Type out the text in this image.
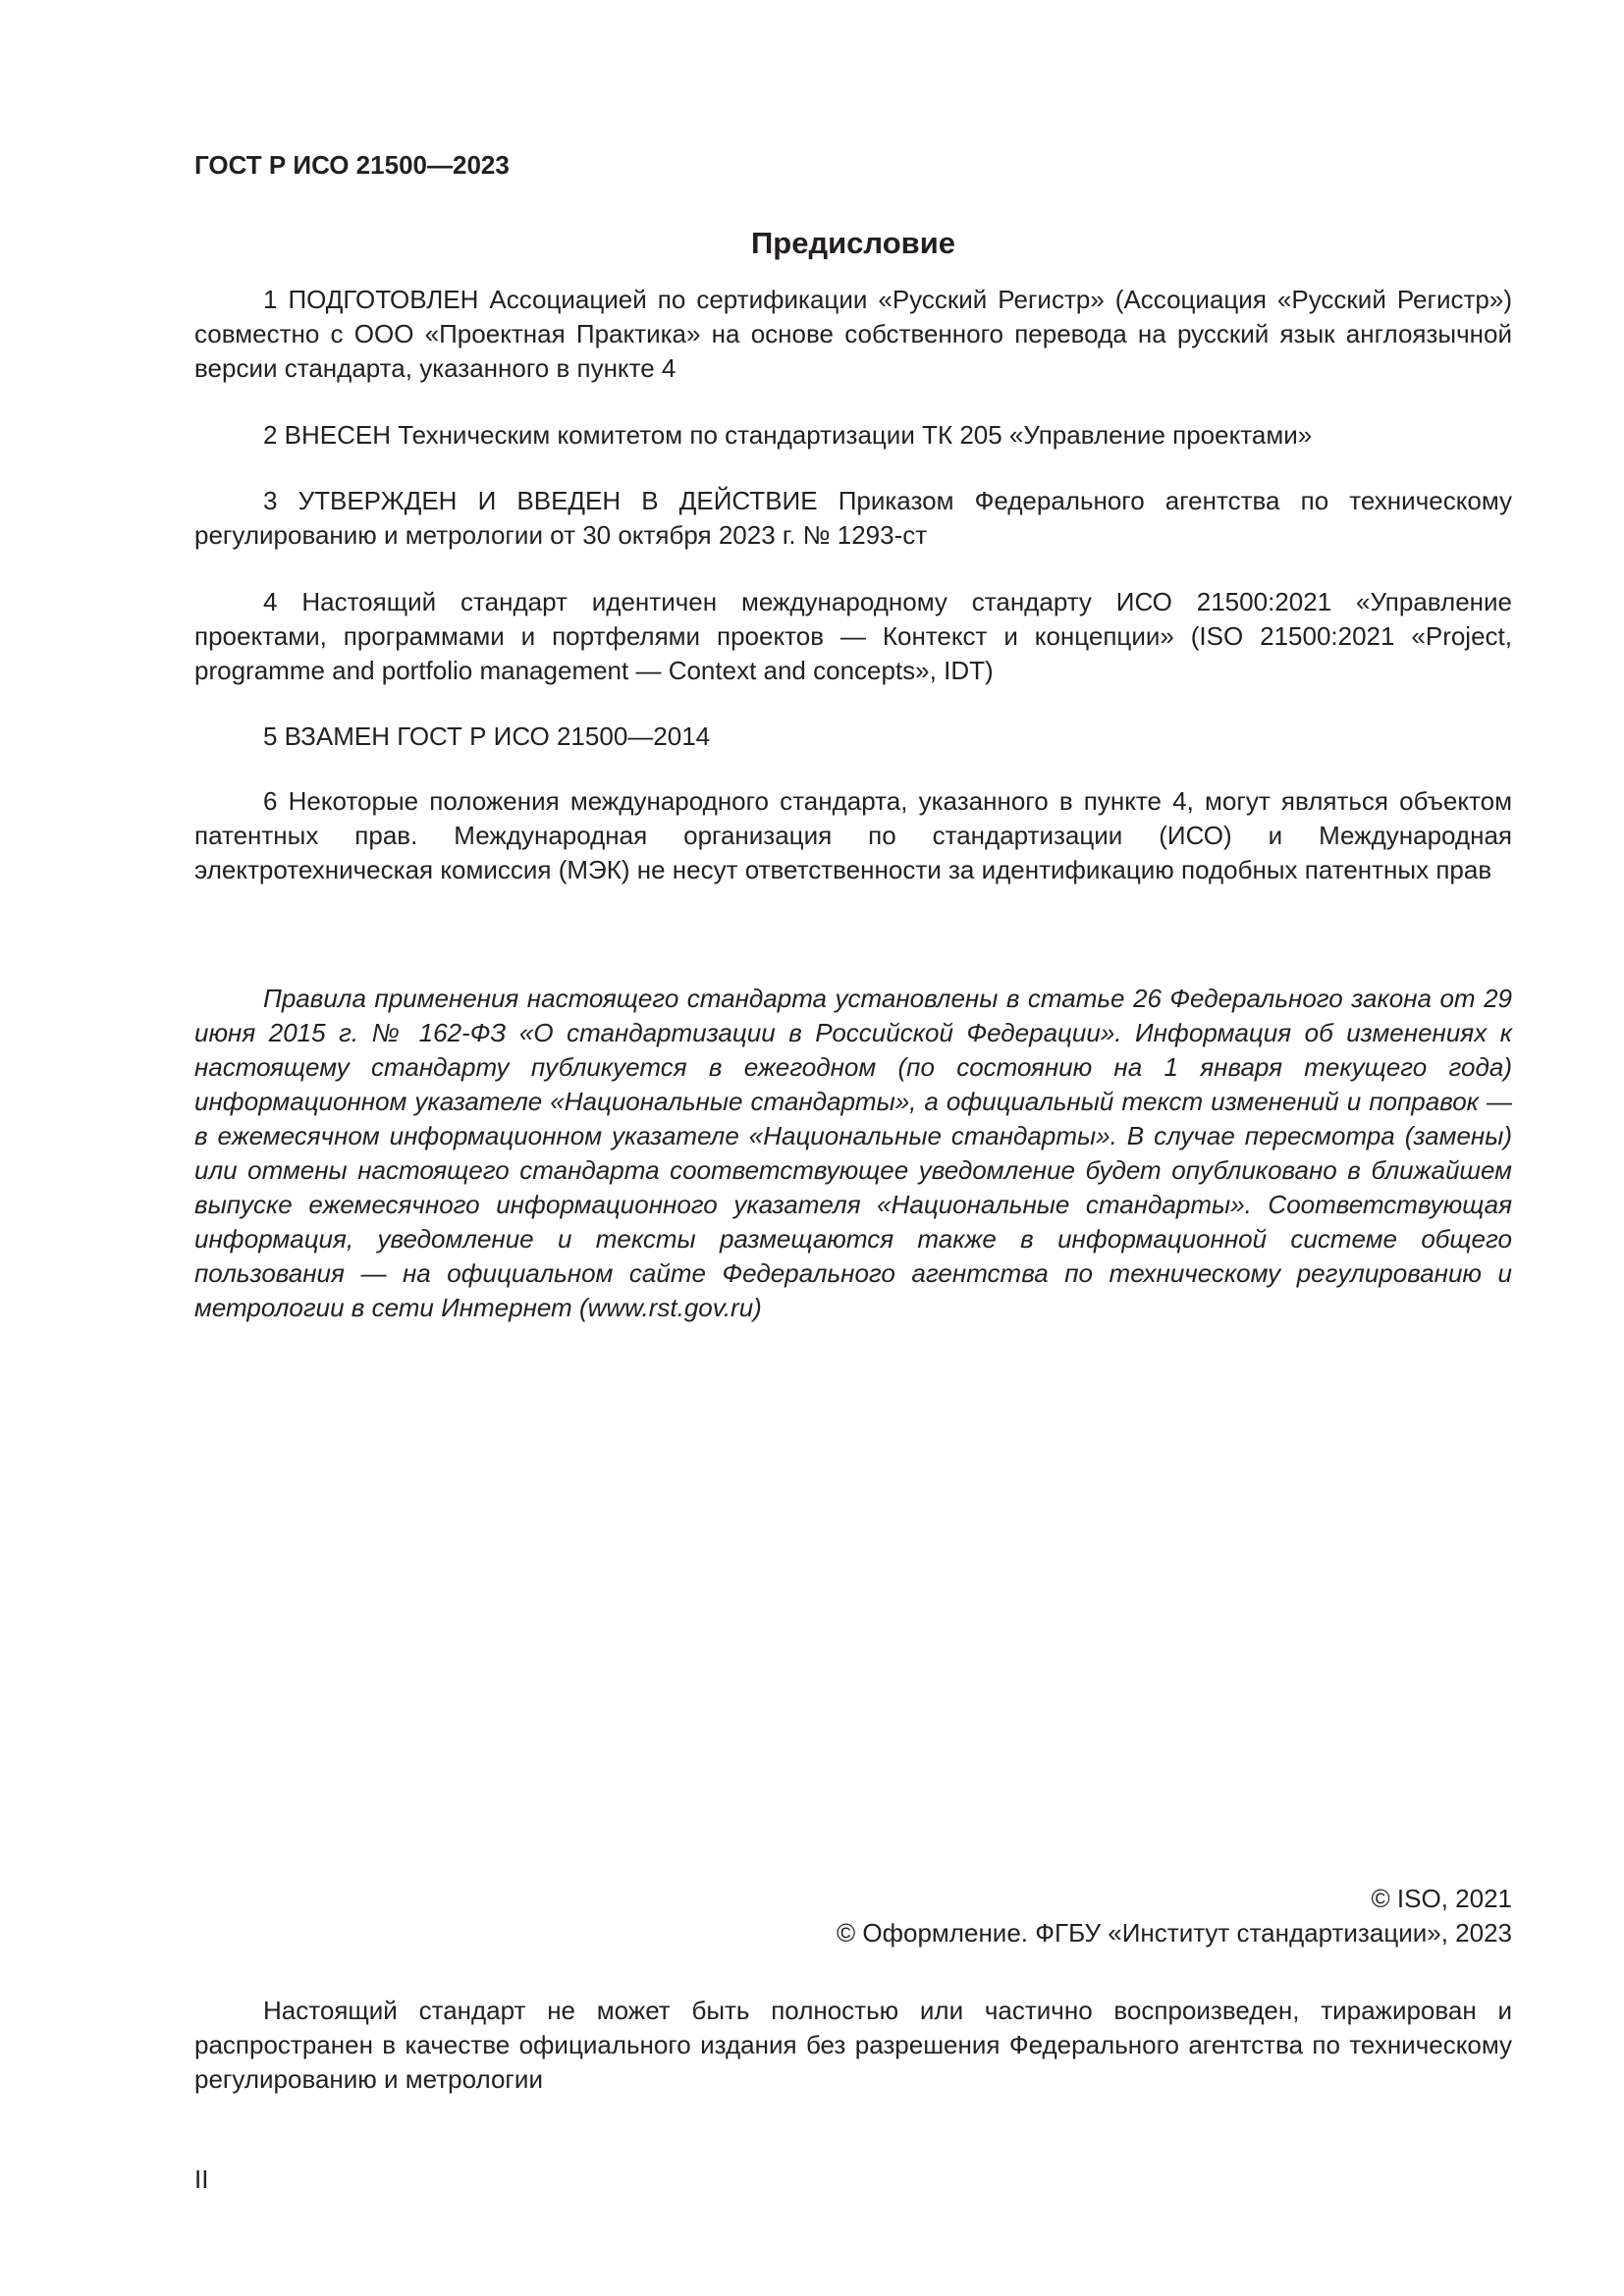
ГОСТ Р ИСО 21500—2023
Предисловие

1 ПОДГОТОВЛЕН Ассоциацией по сертификации «Русский Регистр» (Ассоциация «Русский Регистр») совместно с ООО «Проектная Практика» на основе собственного перевода на русский язык англоязычной версии стандарта, указанного в пункте 4

2 ВНЕСЕН Техническим комитетом по стандартизации ТК 205 «Управление проектами»

3 УТВЕРЖДЕН И ВВЕДЕН В ДЕЙСТВИЕ Приказом Федерального агентства по техническому регулированию и метрологии от 30 октября 2023 г. № 1293-ст

4 Настоящий стандарт идентичен международному стандарту ИСО 21500:2021 «Управление проектами, программами и портфелями проектов — Контекст и концепции» (ISO 21500:2021 «Project, programme and portfolio management — Context and concepts», IDT)

5 ВЗАМЕН ГОСТ Р ИСО 21500—2014

6 Некоторые положения международного стандарта, указанного в пункте 4, могут являться объектом патентных прав. Международная организация по стандартизации (ИСО) и Международная электротехническая комиссия (МЭК) не несут ответственности за идентификацию подобных патентных прав

Правила применения настоящего стандарта установлены в статье 26 Федерального закона от 29 июня 2015 г. № 162-ФЗ «О стандартизации в Российской Федерации». Информация об изменениях к настоящему стандарту публикуется в ежегодном (по состоянию на 1 января текущего года) информационном указателе «Национальные стандарты», а официальный текст изменений и поправок — в ежемесячном информационном указателе «Национальные стандарты». В случае пересмотра (замены) или отмены настоящего стандарта соответствующее уведомление будет опубликовано в ближайшем выпуске ежемесячного информационного указателя «Национальные стандарты». Соответствующая информация, уведомление и тексты размещаются также в информационной системе общего пользования — на официальном сайте Федерального агентства по техническому регулированию и метрологии в сети Интернет (www.rst.gov.ru)

© ISO, 2021
© Оформление. ФГБУ «Институт стандартизации», 2023

Настоящий стандарт не может быть полностью или частично воспроизведен, тиражирован и распространен в качестве официального издания без разрешения Федерального агентства по техническому регулированию и метрологии

II
